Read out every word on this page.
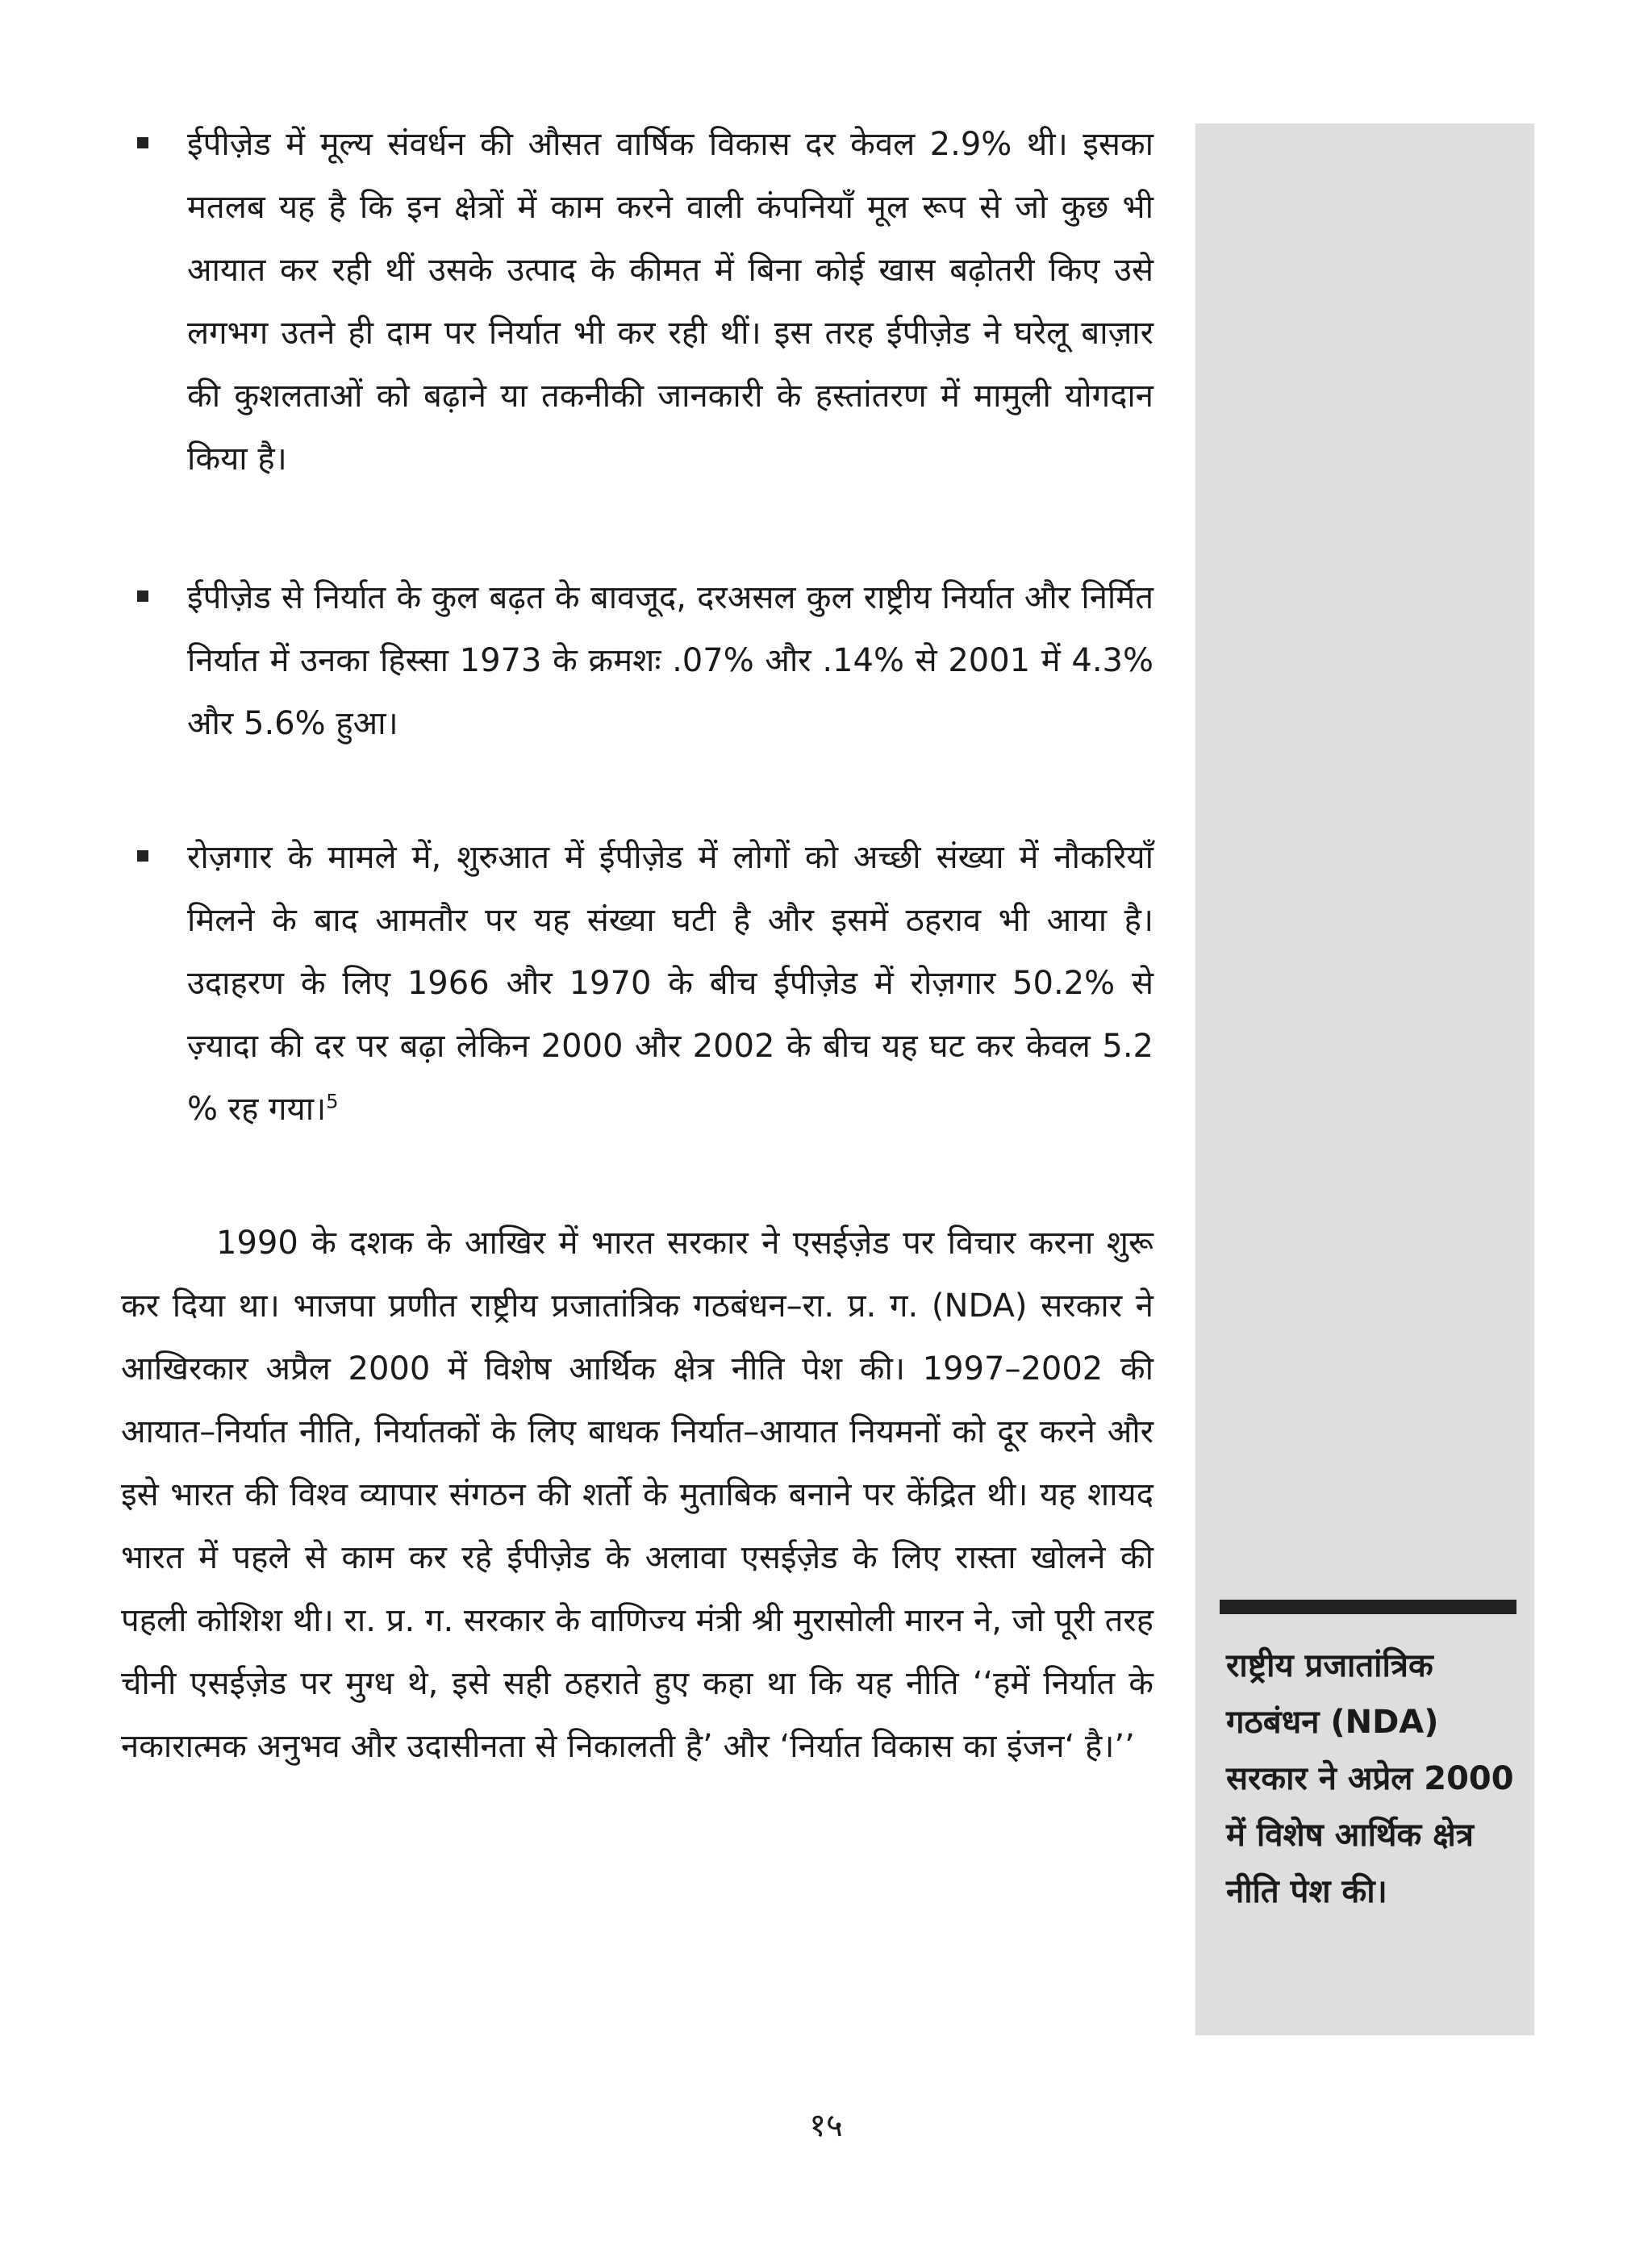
ईपीज़ेड में मूल्य संवर्धन की औसत वार्षिक विकास दर केवल 2.9% थी। इसका मतलब यह है कि इन क्षेत्रों में काम करने वाली कंपनियाँ मूल रूप से जो कुछ भी आयात कर रही थीं उसके उत्पाद के कीमत में बिना कोई खास बढ़ोतरी किए उसे लगभग उतने ही दाम पर निर्यात भी कर रही थीं। इस तरह ईपीज़ेड ने घरेलू बाज़ार की कुशलताओं को बढ़ाने या तकनीकी जानकारी के हस्तांतरण में मामुली योगदान किया है।
ईपीज़ेड से निर्यात के कुल बढ़त के बावजूद, दरअसल कुल राष्ट्रीय निर्यात और निर्मित निर्यात में उनका हिस्सा 1973 के क्रमशः .07% और .14% से 2001 में 4.3% और 5.6% हुआ।
रोज़गार के मामले में, शुरुआत में ईपीज़ेड में लोगों को अच्छी संख्या में नौकरियाँ मिलने के बाद आमतौर पर यह संख्या घटी है और इसमें ठहराव भी आया है। उदाहरण के लिए 1966 और 1970 के बीच ईपीज़ेड में रोज़गार 50.2% से ज़्यादा की दर पर बढ़ा लेकिन 2000 और 2002 के बीच यह घट कर केवल 5.2 % रह गया।$^5$

1990 के दशक के आखिर में भारत सरकार ने एसईज़ेड पर विचार करना शुरू कर दिया था। भाजपा प्रणीत राष्ट्रीय प्रजातांत्रिक गठबंधन–रा. प्र. ग. (NDA) सरकार ने आखिरकार अप्रैल 2000 में विशेष आर्थिक क्षेत्र नीति पेश की। 1997–2002 की आयात–निर्यात नीति, निर्यातकों के लिए बाधक निर्यात–आयात नियमनों को दूर करने और इसे भारत की विश्व व्यापार संगठन की शर्तो के मुताबिक बनाने पर केंद्रित थी। यह शायद भारत में पहले से काम कर रहे ईपीज़ेड के अलावा एसईज़ेड के लिए रास्ता खोलने की पहली कोशिश थी। रा. प्र. ग. सरकार के वाणिज्य मंत्री श्री मुरासोली मारन ने, जो पूरी तरह चीनी एसईज़ेड पर मुग्ध थे, इसे सही ठहराते हुए कहा था कि यह नीति ‘‘हमें निर्यात के नकारात्मक अनुभव और उदासीनता से निकालती है’ और ‘निर्यात विकास का इंजन‘ है।’’

राष्ट्रीय प्रजातांत्रिक गठबंधन (NDA) सरकार ने अप्रेल 2000 में विशेष आर्थिक क्षेत्र नीति पेश की।

१५
